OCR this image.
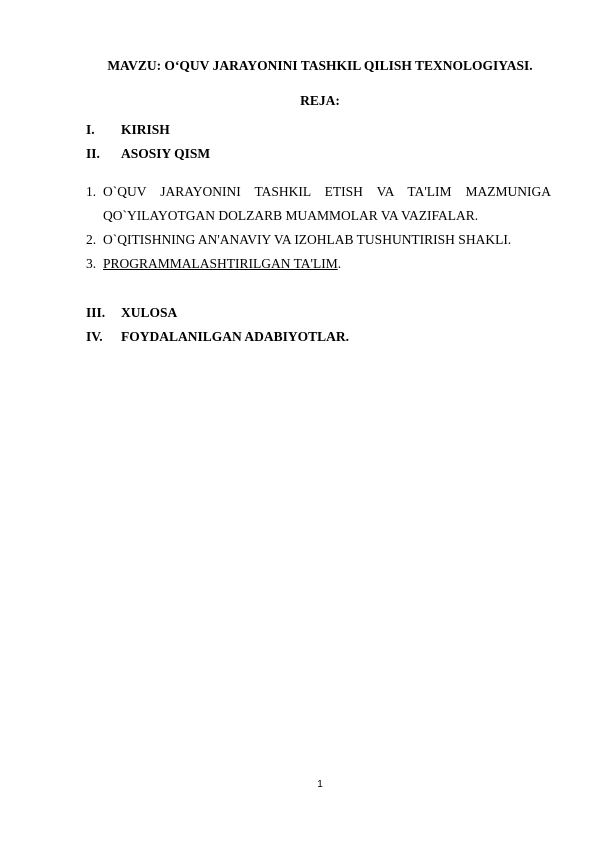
MAVZU: O‘QUV JARAYONINI TASHKIL QILISH TEXNOLOGIYASI.
REJA:
I. KIRISH
II. ASOSIY QISM
1. O`QUV JARAYONINI TASHKIL ETISH VA TA'LIM MAZMUNIGA
QO`YILAYOTGAN DOLZARB MUAMMOLAR VA VAZIFALAR.
2. O`QITISHNING AN'ANAVIY VA IZOHLAB TUSHUNTIRISH SHAKLI.
3. PROGRAMMALASHTIRILGAN TA'LIM.
III. XULOSA
IV. FOYDALANILGAN ADABIYOTLAR.
1
